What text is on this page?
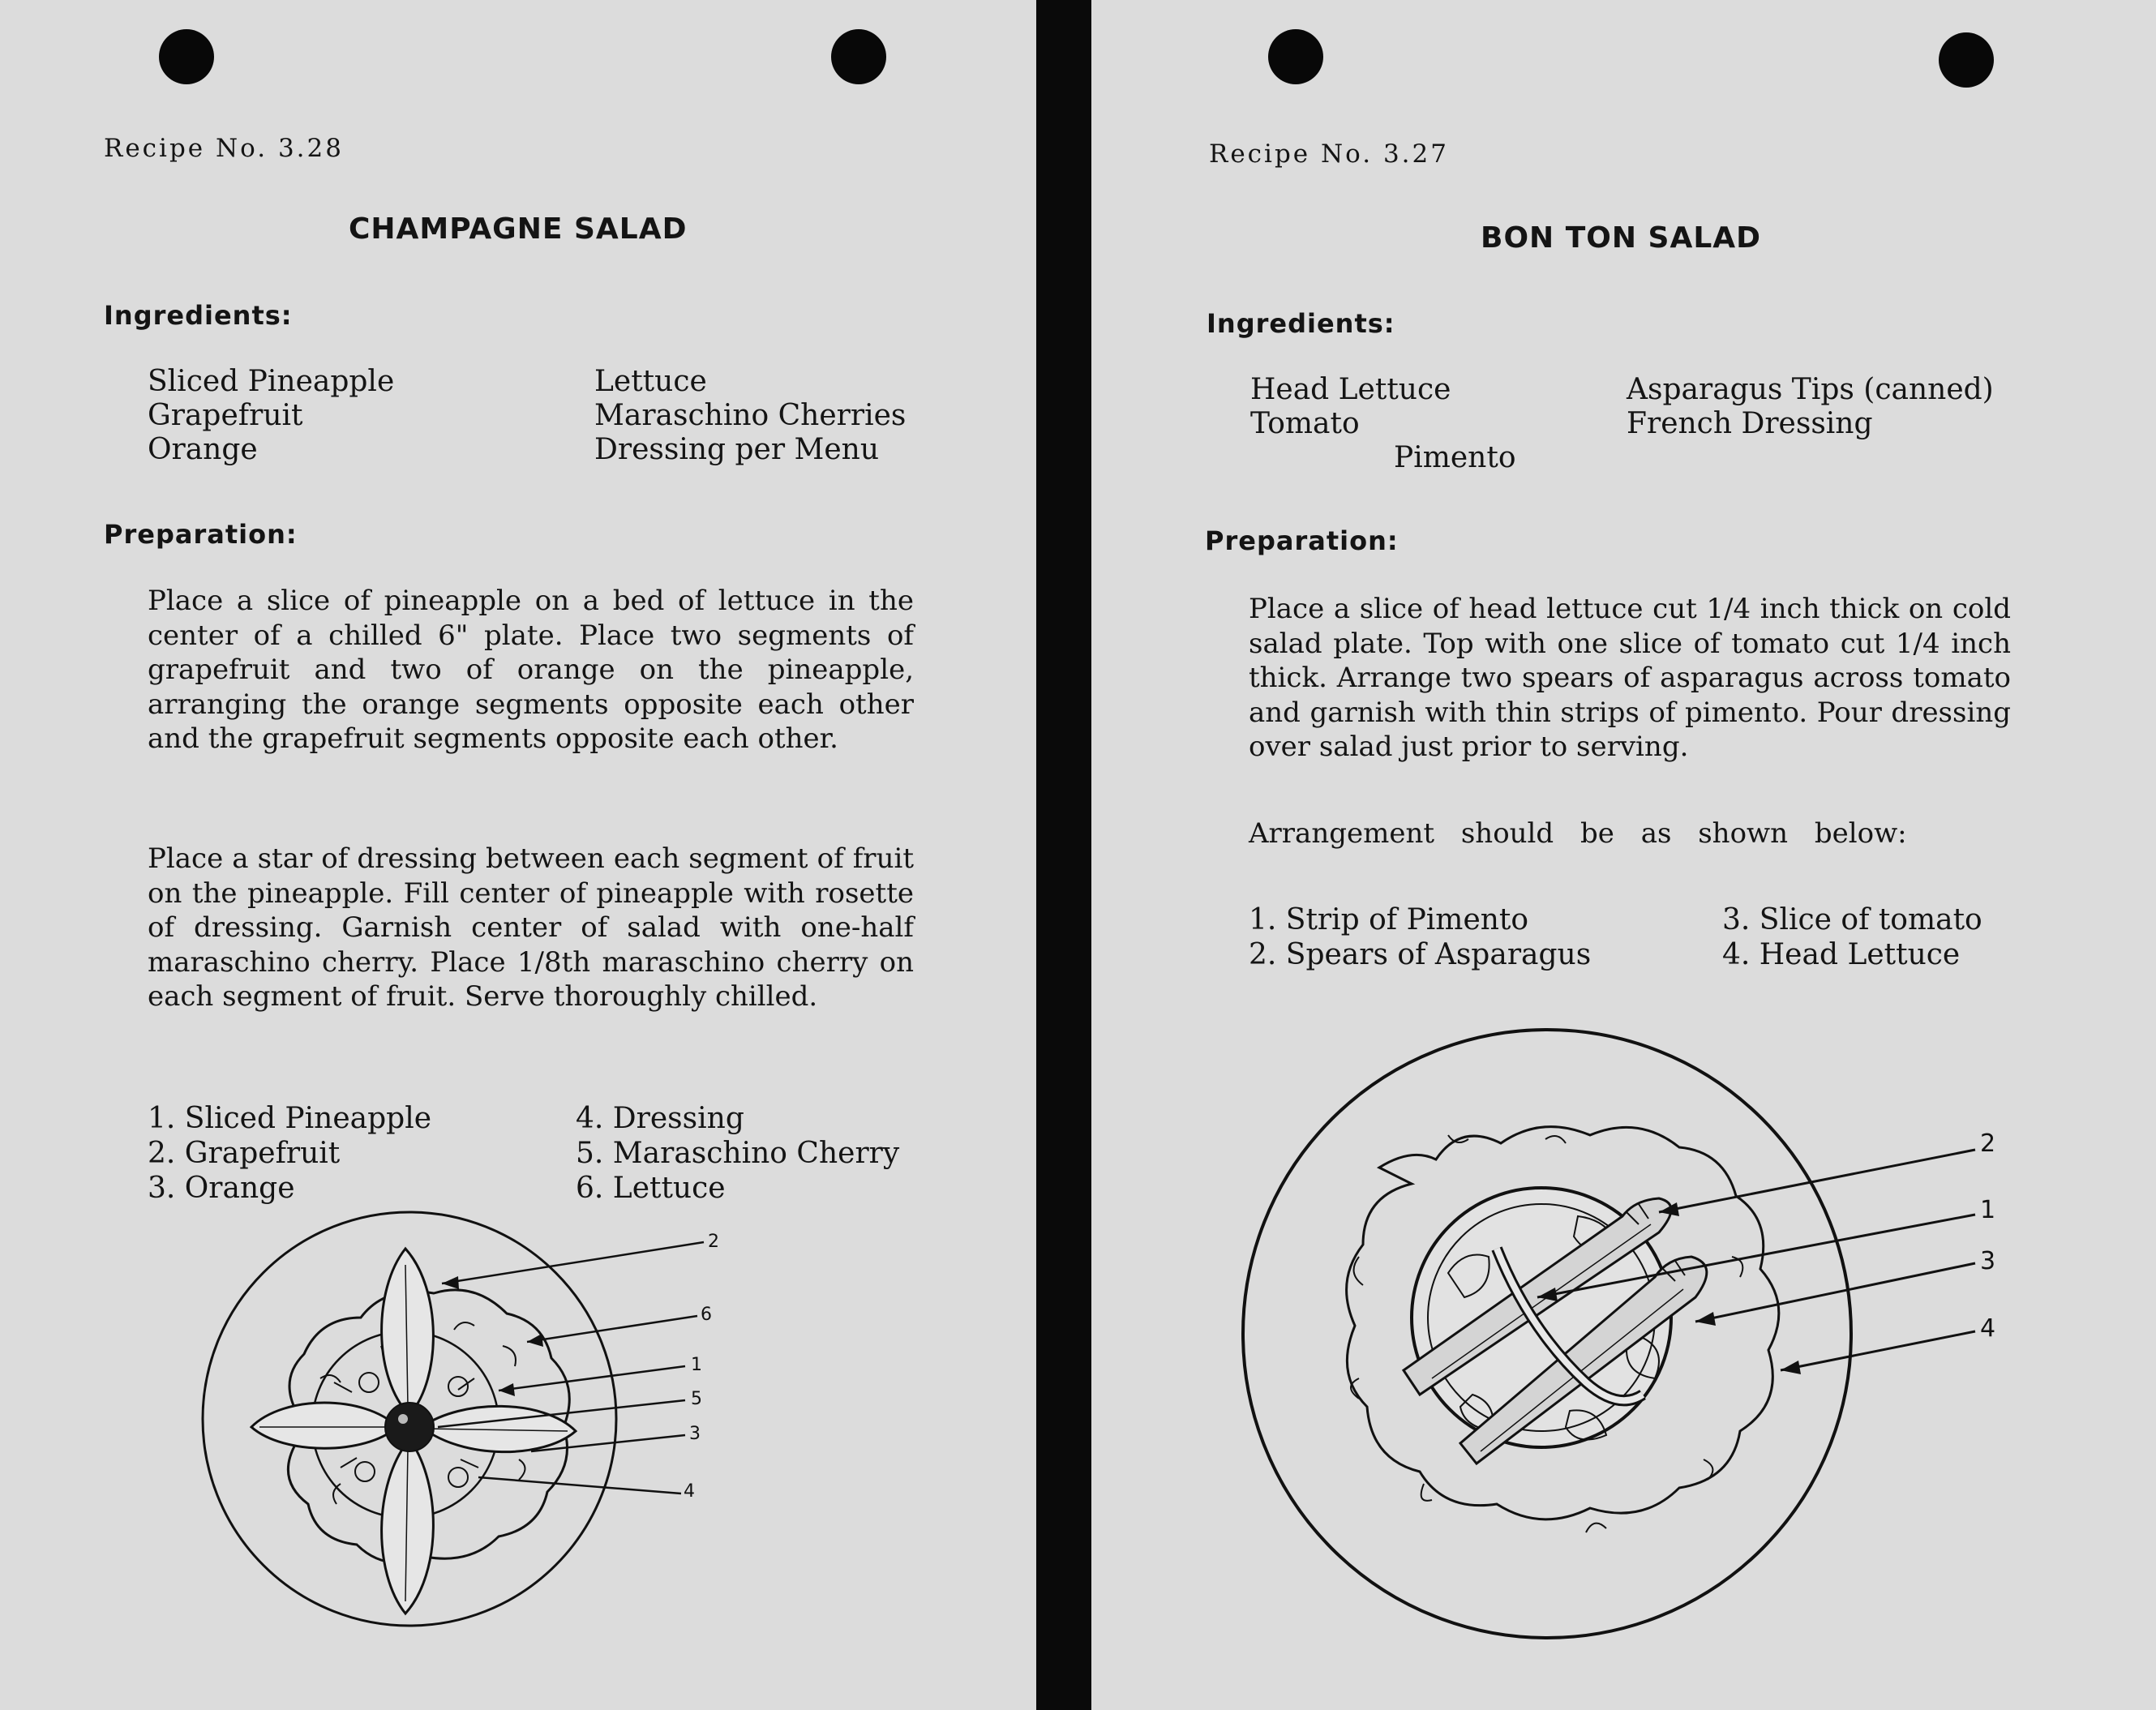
Recipe No. 3.28
CHAMPAGNE SALAD
Ingredients:
Sliced Pineapple
Grapefruit
Orange
Lettuce
Maraschino Cherries
Dressing per Menu
Preparation:
Place a slice of pineapple on a bed of lettuce in the center of a chilled 6" plate. Place two segments of grapefruit and two of orange on the pineapple, arranging the orange segments opposite each other and the grapefruit segments opposite each other.
Place a star of dressing between each segment of fruit on the pineapple. Fill center of pineapple with rosette of dressing. Garnish center of salad with one-half maraschino cherry. Place 1/8th maraschino cherry on each segment of fruit. Serve thoroughly chilled.
1. Sliced Pineapple
2. Grapefruit
3. Orange
4. Dressing
5. Maraschino Cherry
6. Lettuce
2
6
1
5
3
4
Recipe No. 3.27
BON TON SALAD
Ingredients:
Head Lettuce
Tomato
Pimento
Asparagus Tips (canned)
French Dressing
Preparation:
Place a slice of head lettuce cut 1/4 inch thick on cold salad plate. Top with one slice of tomato cut 1/4 inch thick. Arrange two spears of asparagus across tomato and garnish with thin strips of pimento. Pour dressing over salad just prior to serving.
Arrangement should be as shown below:
1. Strip of Pimento
2. Spears of Asparagus
3. Slice of tomato
4. Head Lettuce
2
1
3
4
